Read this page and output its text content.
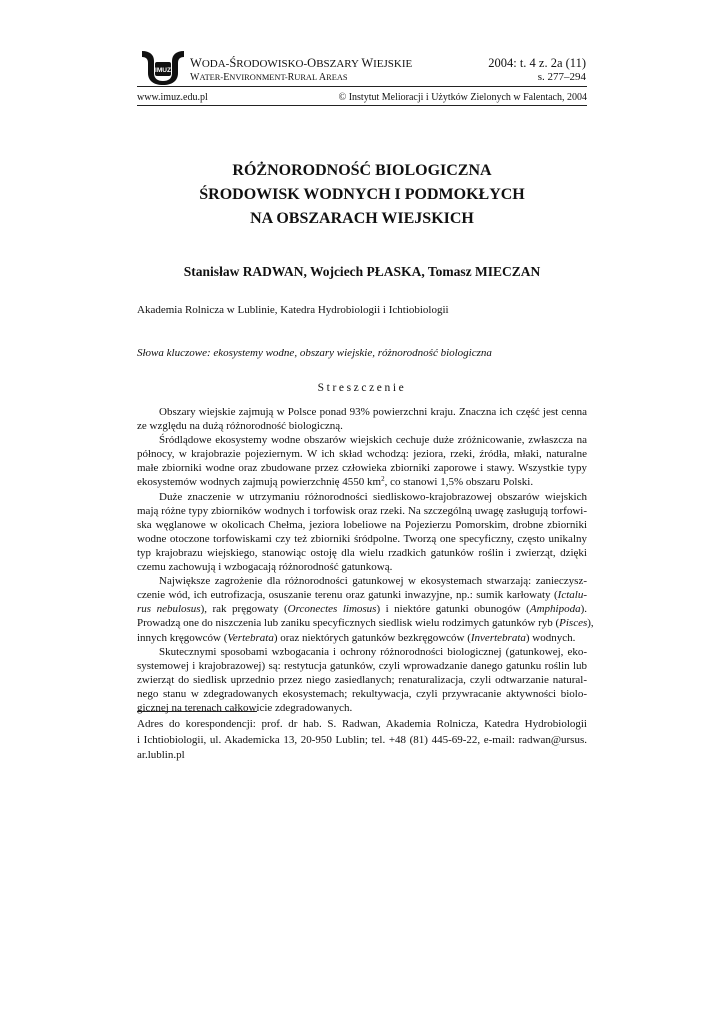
IMUZ
WODA-ŚRODOWISKO-OBSZARY WIEJSKIE
WATER-ENVIRONMENT-RURAL AREAS
2004: t. 4 z. 2a (11)
s. 277–294
www.imuz.edu.pl	© Instytut Melioracji i Użytków Zielonych w Falentach, 2004
RÓŻNORODNOŚĆ BIOLOGICZNA
ŚRODOWISK WODNYCH I PODMOKŁYCH
NA OBSZARACH WIEJSKICH
Stanisław RADWAN, Wojciech PŁASKA, Tomasz MIECZAN
Akademia Rolnicza w Lublinie, Katedra Hydrobiologii i Ichtiobiologii
Słowa kluczowe: ekosystemy wodne, obszary wiejskie, różnorodność biologiczna
Streszczenie

Obszary wiejskie zajmują w Polsce ponad 93% powierzchni kraju. Znaczna ich część jest cenna
ze względu na dużą różnorodność biologiczną.

Śródlądowe ekosystemy wodne obszarów wiejskich cechuje duże zróżnicowanie, zwłaszcza na
północy, w krajobrazie pojeziernym. W ich skład wchodzą: jeziora, rzeki, źródła, młaki, naturalne
małe zbiorniki wodne oraz zbudowane przez człowieka zbiorniki zaporowe i stawy. Wszystkie typy
ekosystemów wodnych zajmują powierzchnię 4550 $km^2$, co stanowi 1,5% obszaru Polski.

Duże znaczenie w utrzymaniu różnorodności siedliskowo-krajobrazowej obszarów wiejskich
mają różne typy zbiorników wodnych i torfowisk oraz rzeki. Na szczególną uwagę zasługują torfowi-
ska węglanowe w okolicach Chełma, jeziora lobeliowe na Pojezierzu Pomorskim, drobne zbiorniki
wodne otoczone torfowiskami czy też zbiorniki śródpolne. Tworzą one specyficzny, często unikalny
typ krajobrazu wiejskiego, stanowiąc ostoję dla wielu rzadkich gatunków roślin i zwierząt, dzięki
czemu zachowują i wzbogacają różnorodność gatunkową.

Największe zagrożenie dla różnorodności gatunkowej w ekosystemach stwarzają: zanieczysz-
czenie wód, ich eutrofizacja, osuszanie terenu oraz gatunki inwazyjne, np.: sumik karłowaty (Ictalu-
rus nebulosus), rak pręgowaty (Orconectes limosus) i niektóre gatunki obunogów (Amphipoda).
Prowadzą one do niszczenia lub zaniku specyficznych siedlisk wielu rodzimych gatunków ryb (Pisces),
innych kręgowców (Vertebrata) oraz niektórych gatunków bezkręgowców (Invertebrata) wodnych.

Skutecznymi sposobami wzbogacania i ochrony różnorodności biologicznej (gatunkowej, eko-
systemowej i krajobrazowej) są: restytucja gatunków, czyli wprowadzanie danego gatunku roślin lub
zwierząt do siedlisk uprzednio przez niego zasiedlanych; renaturalizacja, czyli odtwarzanie natural-
nego stanu w zdegradowanych ekosystemach; rekultywacja, czyli przywracanie aktywności biolo-
gicznej na terenach całkowicie zdegradowanych.

Adres do korespondencji: prof. dr hab. S. Radwan, Akademia Rolnicza, Katedra Hydrobiologii
i Ichtiobiologii, ul. Akademicka 13, 20-950 Lublin; tel. +48 (81) 445-69-22, e-mail: radwan@ursus.
ar.lublin.pl
